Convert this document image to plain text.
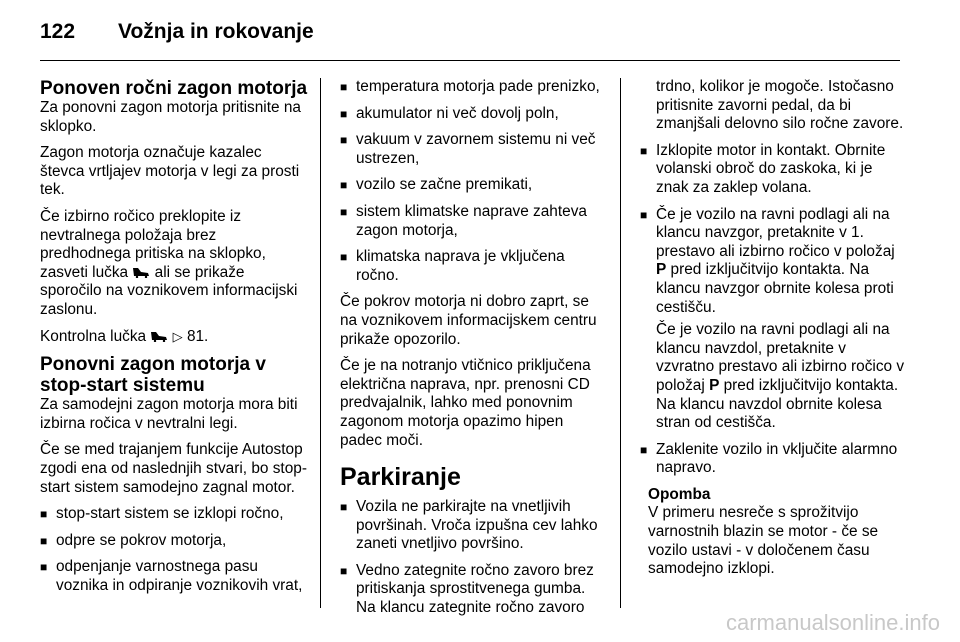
122 Vožnja in rokovanje
Ponoven ročni zagon motorja

Za ponovni zagon motorja pritisnite na sklopko.

Zagon motorja označuje kazalec števca vrtljajev motorja v legi za prosti tek.

Če izbirno ročico preklopite iz nevtralnega položaja brez predhodnega pritiska na sklopko, zasveti lučka ali se prikaže sporočilo na voznikovem informacijski zaslonu.

Kontrolna lučka ▷ 81.

Ponovni zagon motorja v stop-start sistemu

Za samodejni zagon motorja mora biti izbirna ročica v nevtralni legi.

Če se med trajanjem funkcije Autostop zgodi ena od naslednjih stvari, bo stop-start sistem samodejno zagnal motor.

■ stop-start sistem se izklopi ročno,
■ odpre se pokrov motorja,
■ odpenjanje varnostnega pasu voznika in odpiranje voznikovih vrat,
■ temperatura motorja pade prenizko,
■ akumulator ni več dovolj poln,
■ vakuum v zavornem sistemu ni več ustrezen,
■ vozilo se začne premikati,
■ sistem klimatske naprave zahteva zagon motorja,
■ klimatska naprava je vključena ročno.

Če pokrov motorja ni dobro zaprt, se na voznikovem informacijskem centru prikaže opozorilo.

Če je na notranjo vtičnico priključena električna naprava, npr. prenosni CD predvajalnik, lahko med ponovnim zagonom motorja opazimo hipen padec moči.

Parkiranje
■ Vozila ne parkirajte na vnetljivih površinah. Vroča izpušna cev lahko zaneti vnetljivo površino.
■ Vedno zategnite ročno zavoro brez pritiskanja sprostitvenega gumba. Na klancu zategnite ročno zavoro

trdno, kolikor je mogoče. Istočasno pritisnite zavorni pedal, da bi zmanjšali delovno silo ročne zavore.

■ Izklopite motor in kontakt. Obrnite volanski obroč do zaskoka, ki je znak za zaklep volana.
■ Če je vozilo na ravni podlagi ali na klancu navzgor, pretaknite v 1. prestavo ali izbirno ročico v položaj P pred izključitvijo kontakta. Na klancu navzgor obrnite kolesa proti cestišču.

Če je vozilo na ravni podlagi ali na klancu navzdol, pretaknite v vzvratno prestavo ali izbirno ročico v položaj P pred izključitvijo kontakta. Na klancu navzdol obrnite kolesa stran od cestišča.

■ Zaklenite vozilo in vključite alarmno napravo.

Opomba

V primeru nesreče s sprožitvijo varnostnih blazin se motor - če se vozilo ustavi - v določenem času samodejno izklopi.

carmanualsonline.info
